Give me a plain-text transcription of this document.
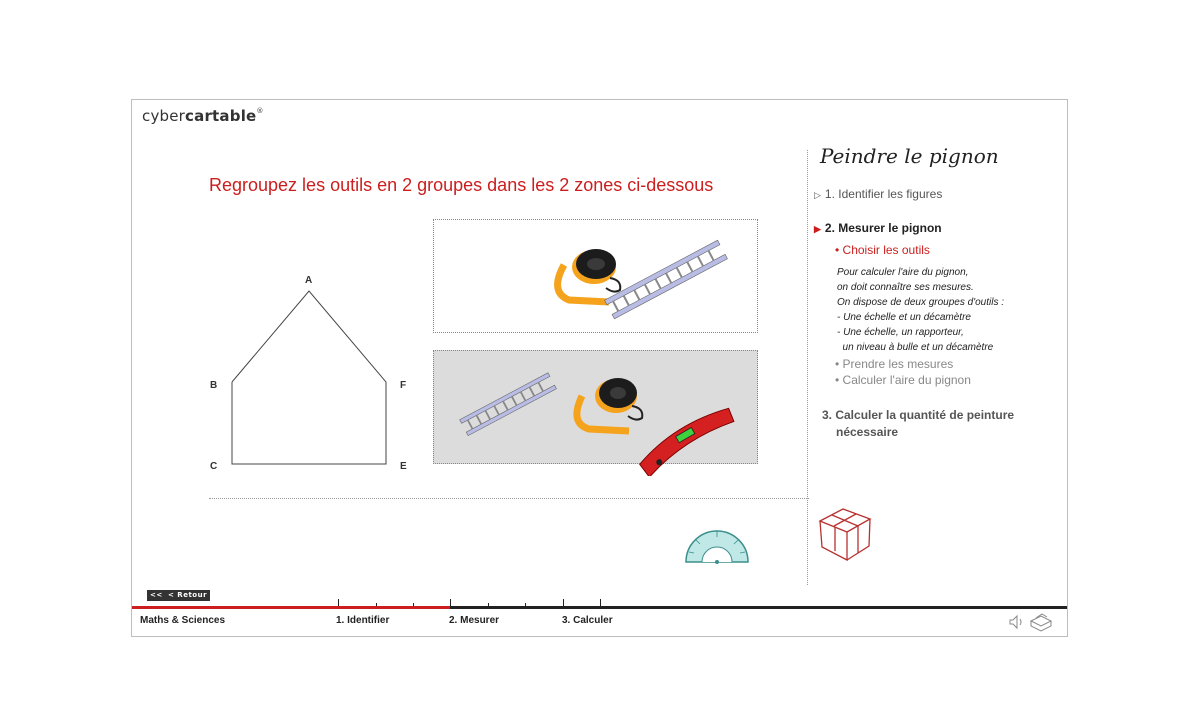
cybercartable®
Regroupez les outils en 2 groupes dans les 2 zones ci-dessous
A
B	F
C	E
Peindre le pignon
▷ 1. Identifier les figures
▶ 2. Mesurer le pignon
• Choisir les outils
Pour calculer l'aire du pignon,
on doit connaître ses mesures.
On dispose de deux groupes d'outils :
- Une échelle et un décamètre
- Une échelle, un rapporteur,
un niveau à bulle et un décamètre
• Prendre les mesures
• Calculer l'aire du pignon
3. Calculer la quantité de peinture
nécessaire
<< < Retour
Maths & Sciences	1. Identifier	2. Mesurer	3. Calculer
